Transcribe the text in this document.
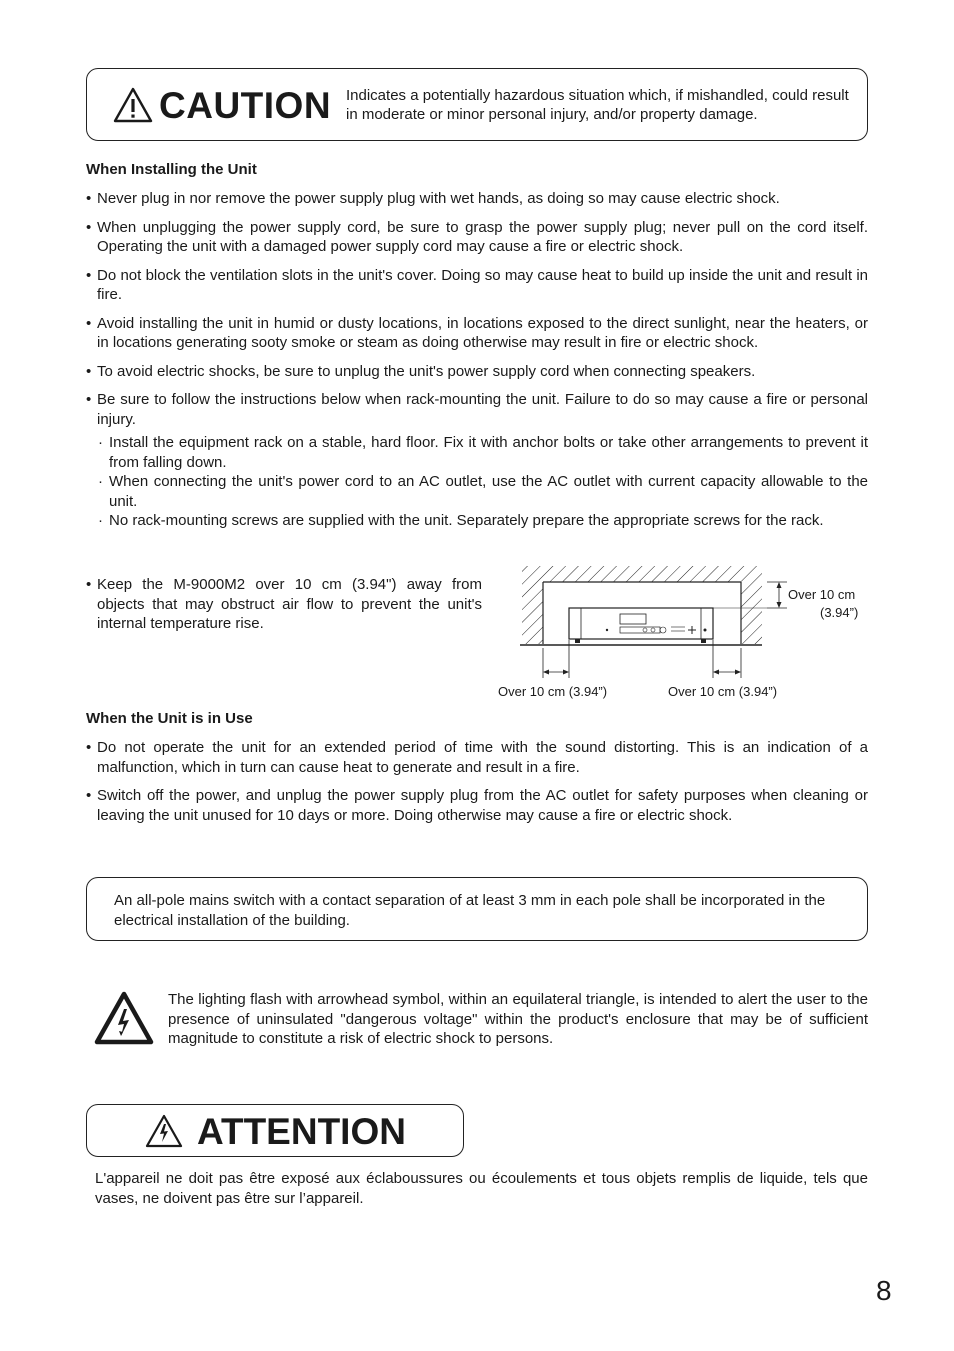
CAUTION Indicates a potentially hazardous situation which, if mishandled, could result in moderate or minor personal injury, and/or property damage.
When Installing the Unit

• Never plug in nor remove the power supply plug with wet hands, as doing so may cause electric shock.

• When unplugging the power supply cord, be sure to grasp the power supply plug; never pull on the cord itself. Operating the unit with a damaged power supply cord may cause a fire or electric shock.

• Do not block the ventilation slots in the unit's cover. Doing so may cause heat to build up inside the unit and result in fire.

• Avoid installing the unit in humid or dusty locations, in locations exposed to the direct sunlight, near the heaters, or in locations generating sooty smoke or steam as doing otherwise may result in fire or electric shock.

• To avoid electric shocks, be sure to unplug the unit's power supply cord when connecting speakers.

• Be sure to follow the instructions below when rack-mounting the unit. Failure to do so may cause a fire or personal injury.

· Install the equipment rack on a stable, hard floor. Fix it with anchor bolts or take other arrangements to prevent it from falling down.

· When connecting the unit's power cord to an AC outlet, use the AC outlet with current capacity allowable to the unit.

· No rack-mounting screws are supplied with the unit. Separately prepare the appropriate screws for the rack.

• Keep the M-9000M2 over 10 cm (3.94") away from objects that may obstruct air flow to prevent the unit's internal temperature rise.

Over 10 cm
(3.94”)
Over 10 cm (3.94”)	Over 10 cm (3.94”)
When the Unit is in Use

• Do not operate the unit for an extended period of time with the sound distorting. This is an indication of a malfunction, which in turn can cause heat to generate and result in a fire.

• Switch off the power, and unplug the power supply plug from the AC outlet for safety purposes when cleaning or leaving the unit unused for 10 days or more. Doing otherwise may cause a fire or electric shock.

An all-pole mains switch with a contact separation of at least 3 mm in each pole shall be incorporated in the electrical installation of the building.
The lighting flash with arrowhead symbol, within an equilateral triangle, is intended to alert the user to the presence of uninsulated "dangerous voltage" within the product's enclosure that may be of sufficient magnitude to constitute a risk of electric shock to persons.
ATTENTION
L'appareil ne doit pas être exposé aux éclaboussures ou écoulements et tous objets remplis de liquide, tels que vases, ne doivent pas être sur l’appareil.
8
